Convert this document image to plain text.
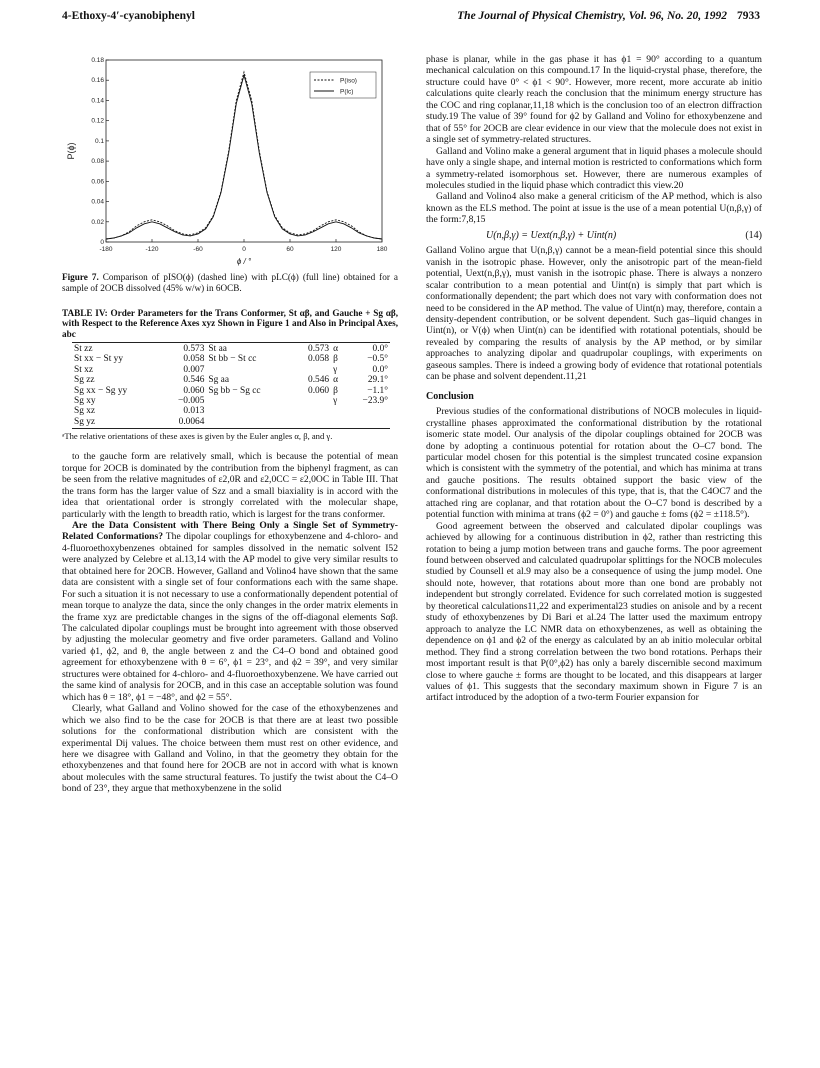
4-Ethoxy-4′-cyanobiphenyl	The Journal of Physical Chemistry, Vol. 96, No. 20, 1992 7933
-180	-120	-60	0	60	120	180
0
0.02
0.04
0.06
0.08
0.1
0.12
0.14
0.16
0.18
ϕ / °
P(ϕ)
P(iso)
P(lc)
Figure 7. Comparison of pISO(ϕ) (dashed line) with pLC(ϕ) (full line) obtained for a sample of 2OCB dissolved (45% w/w) in 6OCB.
TABLE IV: Order Parameters for the Trans Conformer, St αβ, and Gauche + Sg αβ, with Respect to the Reference Axes xyz Shown in Figure 1 and Also in Principal Axes, abc
St zz	0.573	St aa	0.573	α	0.0°
St xx − St yy	0.058	St bb − St cc	0.058	β	−0.5°
St xz	0.007			γ	0.0°
Sg zz	0.546	Sg aa	0.546	α	29.1°
Sg xx − Sg yy	0.060	Sg bb − Sg cc	0.060	β	−1.1°
Sg xy	−0.005			γ	−23.9°
Sg xz	0.013				
Sg yz	0.0064				
ᵃThe relative orientations of these axes is given by the Euler angles α, β, and γ.

to the gauche form are relatively small, which is because the potential of mean torque for 2OCB is dominated by the contribution from the biphenyl fragment, as can be seen from the relative magnitudes of ε2,0R and ε2,0CC = ε2,0OC in Table III. That the trans form has the larger value of Szz and a small biaxiality is in accord with the idea that orientational order is strongly correlated with the molecular shape, particularly with the length to breadth ratio, which is largest for the trans conformer.

Are the Data Consistent with There Being Only a Single Set of Symmetry-Related Conformations? The dipolar couplings for ethoxybenzene and 4-chloro- and 4-fluoroethoxybenzenes obtained for samples dissolved in the nematic solvent I52 were analyzed by Celebre et al.13,14 with the AP model to give very similar results to that obtained here for 2OCB. However, Galland and Volino4 have shown that the same data are consistent with a single set of four conformations each with the same shape. For such a situation it is not necessary to use a conformationally dependent potential of mean torque to analyze the data, since the only changes in the order matrix elements in the frame xyz are predictable changes in the signs of the off-diagonal elements Sαβ. The calculated dipolar couplings must be brought into agreement with those observed by adjusting the molecular geometry and five order parameters. Galland and Volino varied ϕ1, ϕ2, and θ, the angle between z and the C4–O bond and obtained good agreement for ethoxybenzene with θ = 6°, ϕ1 = 23°, and ϕ2 = 39°, and very similar structures were obtained for 4-chloro- and 4-fluoroethoxybenzene. We have carried out the same kind of analysis for 2OCB, and in this case an acceptable solution was found which has θ = 18°, ϕ1 = −48°, and ϕ2 = 55°.

Clearly, what Galland and Volino showed for the case of the ethoxybenzenes and which we also find to be the case for 2OCB is that there are at least two possible solutions for the conformational distribution which are consistent with the experimental Dij values. The choice between them must rest on other evidence, and here we disagree with Galland and Volino, in that the geometry they obtain for the ethoxybenzenes and that found here for 2OCB are not in accord with what is known about molecules with the same structural features. To justify the twist about the C4–O bond of 23°, they argue that methoxybenzene in the solid

phase is planar, while in the gas phase it has ϕ1 = 90° according to a quantum mechanical calculation on this compound.17 In the liquid-crystal phase, therefore, the structure could have 0° < ϕ1 < 90°. However, more recent, more accurate ab initio calculations quite clearly reach the conclusion that the minimum energy structure has the COC and ring coplanar,11,18 which is the conclusion too of an electron diffraction study.19 The value of 39° found for ϕ2 by Galland and Volino for ethoxybenzene and that of 55° for 2OCB are clear evidence in our view that the molecule does not exist in a single set of symmetry-related structures.

Galland and Volino make a general argument that in liquid phases a molecule should have only a single shape, and internal motion is restricted to conformations which form a symmetry-related isomorphous set. However, there are numerous examples of molecules studied in the liquid phase which contradict this view.20

Galland and Volino4 also make a general criticism of the AP method, which is also known as the ELS method. The point at issue is the use of a mean potential U(n,β,γ) of the form:7,8,15

U(n,β,γ) = Uext(n,β,γ) + Uint(n)	(14)

Galland Volino argue that U(n,β,γ) cannot be a mean-field potential since this should vanish in the isotropic phase. However, only the anisotropic part of the mean-field potential, Uext(n,β,γ), must vanish in the isotropic phase. There is always a nonzero scalar contribution to a mean potential and Uint(n) is simply that part which is conformationally dependent; the part which does not vary with conformation does not need to be considered in the AP method. The value of Uint(n) may, therefore, contain a density-dependent contribution, or be solvent dependent. Such gas–liquid changes in Uint(n), or V(ϕ) when Uint(n) can be identified with rotational potentials, should be revealed by comparing the results of analysis by the AP method, or by similar approaches to analyzing dipolar and quadrupolar couplings, with experiments on gaseous samples. There is indeed a growing body of evidence that rotational potentials can be phase and solvent dependent.11,21

Conclusion

Previous studies of the conformational distributions of NOCB molecules in liquid-crystalline phases approximated the conformational distribution by the rotational isomeric state model. Our analysis of the dipolar couplings obtained for 2OCB was done by adopting a continuous potential for rotation about the O–C7 bond. The particular model chosen for this potential is the simplest truncated cosine expansion which is consistent with the symmetry of the potential, and which has minima at trans and gauche positions. The results obtained support the basic view of the conformational distributions in molecules of this type, that is, that the C4OC7 and the attached ring are coplanar, and that rotation about the O–C7 bond is described by a potential function with minima at trans (ϕ2 = 0°) and gauche ± foms (ϕ2 = ±118.5°).

Good agreement between the observed and calculated dipolar couplings was achieved by allowing for a continuous distribution in ϕ2, rather than restricting this rotation to being a jump motion between trans and gauche forms. The poor agreement found between observed and calculated quadrupolar splittings for the NOCB molecules studied by Counsell et al.9 may also be a consequence of using the jump model. One should note, however, that rotations about more than one bond are probably not independent but strongly correlated. Evidence for such correlated motion is suggested by theoretical calculations11,22 and experimental23 studies on anisole and by a recent study of ethoxybenzenes by Di Bari et al.24 The latter used the maximum entropy approach to analyze the LC NMR data on ethoxybenzenes, as well as obtaining the dependence on ϕ1 and ϕ2 of the energy as calculated by an ab initio molecular orbital method. They find a strong correlation between the two bond rotations. Perhaps their most important result is that P(0°,ϕ2) has only a barely discernible second maximum close to where gauche ± forms are thought to be located, and this disappears at larger values of ϕ1. This suggests that the secondary maximum shown in Figure 7 is an artifact introduced by the adoption of a two-term Fourier expansion for
